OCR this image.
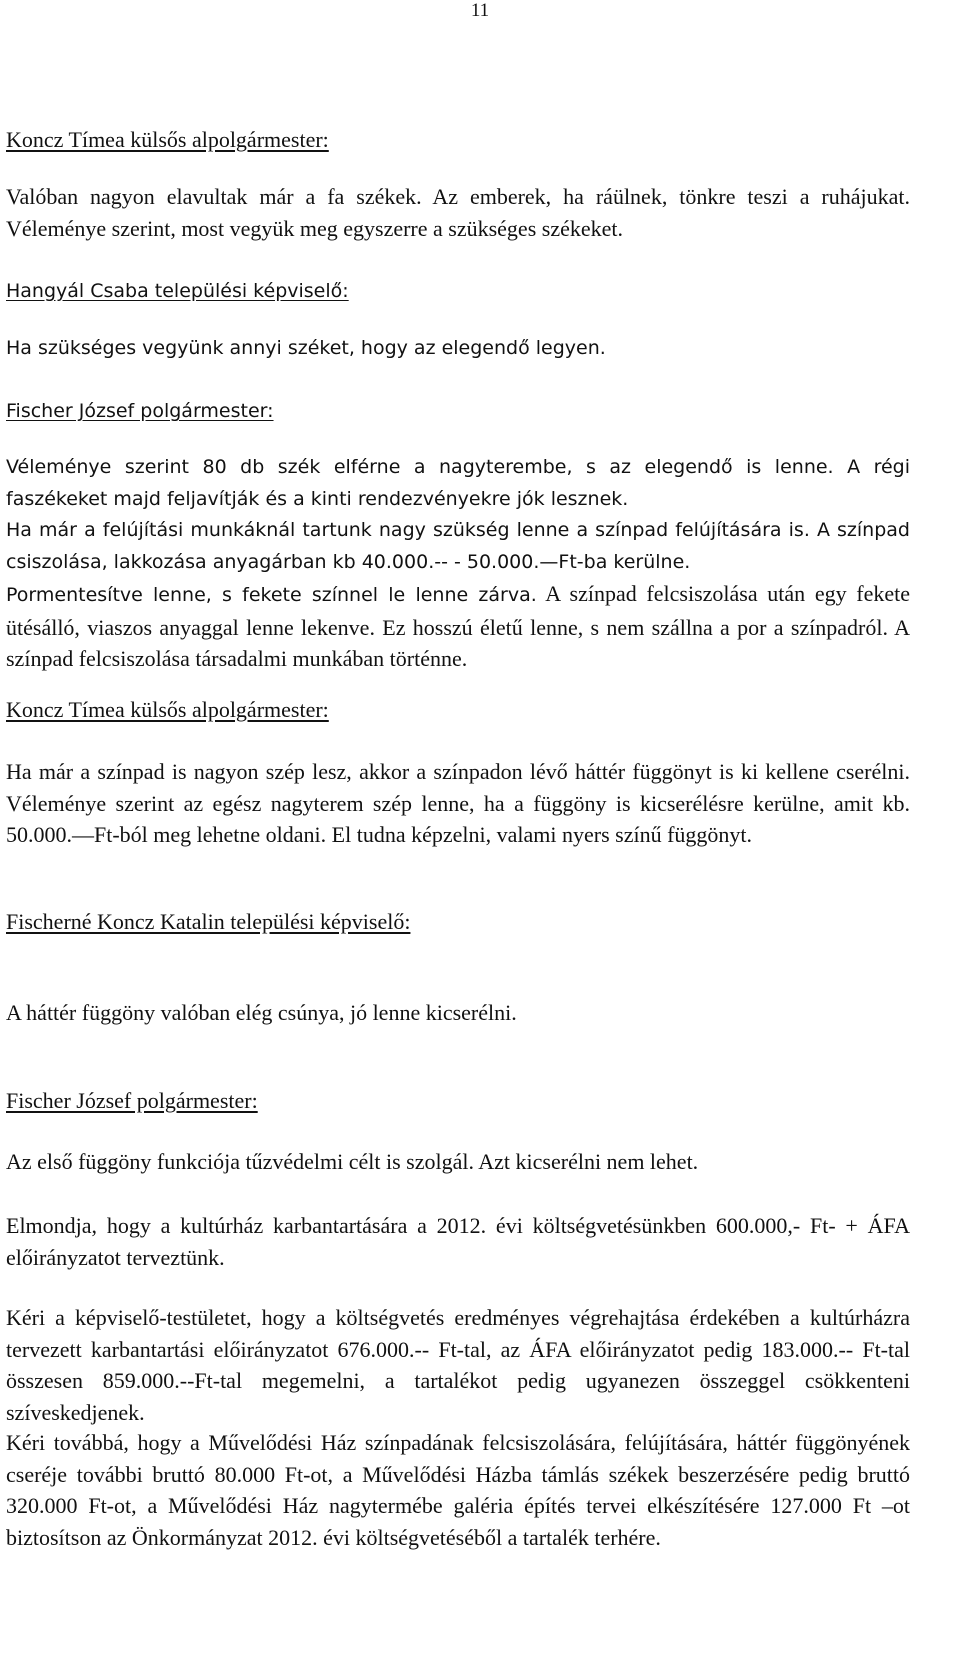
11
Koncz Tímea külsős alpolgármester:
Valóban nagyon elavultak már a fa székek. Az emberek, ha ráülnek, tönkre teszi a ruhájukat. Véleménye szerint, most vegyük meg egyszerre a szükséges székeket.
Hangyál Csaba települési képviselő:
Ha szükséges vegyünk annyi széket, hogy az elegendő legyen.
Fischer József polgármester:
Véleménye szerint 80 db szék elférne a nagyterembe, s az elegendő is lenne. A régi faszékeket majd feljavítják és a kinti rendezvényekre jók lesznek.
Ha már a felújítási munkáknál tartunk nagy szükség lenne a színpad felújítására is. A színpad csiszolása, lakkozása anyagárban kb 40.000.-- - 50.000.—Ft-ba kerülne.
Pormentesítve lenne, s fekete színnel le lenne zárva. A színpad felcsiszolása után egy fekete ütésálló, viaszos anyaggal lenne lekenve. Ez hosszú életű lenne, s nem szállna a por a színpadról. A színpad felcsiszolása társadalmi munkában történne.
Koncz Tímea külsős alpolgármester:
Ha már a színpad is nagyon szép lesz, akkor a színpadon lévő háttér függönyt is ki kellene cserélni. Véleménye szerint az egész nagyterem szép lenne, ha a függöny is kicserélésre kerülne, amit kb. 50.000.—Ft-ból meg lehetne oldani. El tudna képzelni, valami nyers színű függönyt.
Fischerné Koncz Katalin települési képviselő:
A háttér függöny valóban elég csúnya, jó lenne kicserélni.
Fischer József polgármester:
Az első függöny funkciója tűzvédelmi célt is szolgál. Azt kicserélni nem lehet.
Elmondja, hogy a kultúrház karbantartására a 2012. évi költségvetésünkben 600.000,- Ft- + ÁFA előirányzatot terveztünk.
Kéri a képviselő-testületet, hogy a költségvetés eredményes végrehajtása érdekében a kultúrházra tervezett karbantartási előirányzatot 676.000.-- Ft-tal, az ÁFA előirányzatot pedig 183.000.-- Ft-tal összesen 859.000.--Ft-tal megemelni, a tartalékot pedig ugyanezen összeggel csökkenteni szíveskedjenek.
Kéri továbbá, hogy a Művelődési Ház színpadának felcsiszolására, felújítására, háttér függönyének cseréje további bruttó 80.000 Ft-ot, a Művelődési Házba támlás székek beszerzésére pedig bruttó 320.000 Ft-ot, a Művelődési Ház nagytermébe galéria építés tervei elkészítésére 127.000 Ft –ot biztosítson az Önkormányzat 2012. évi költségvetéséből a tartalék terhére.
